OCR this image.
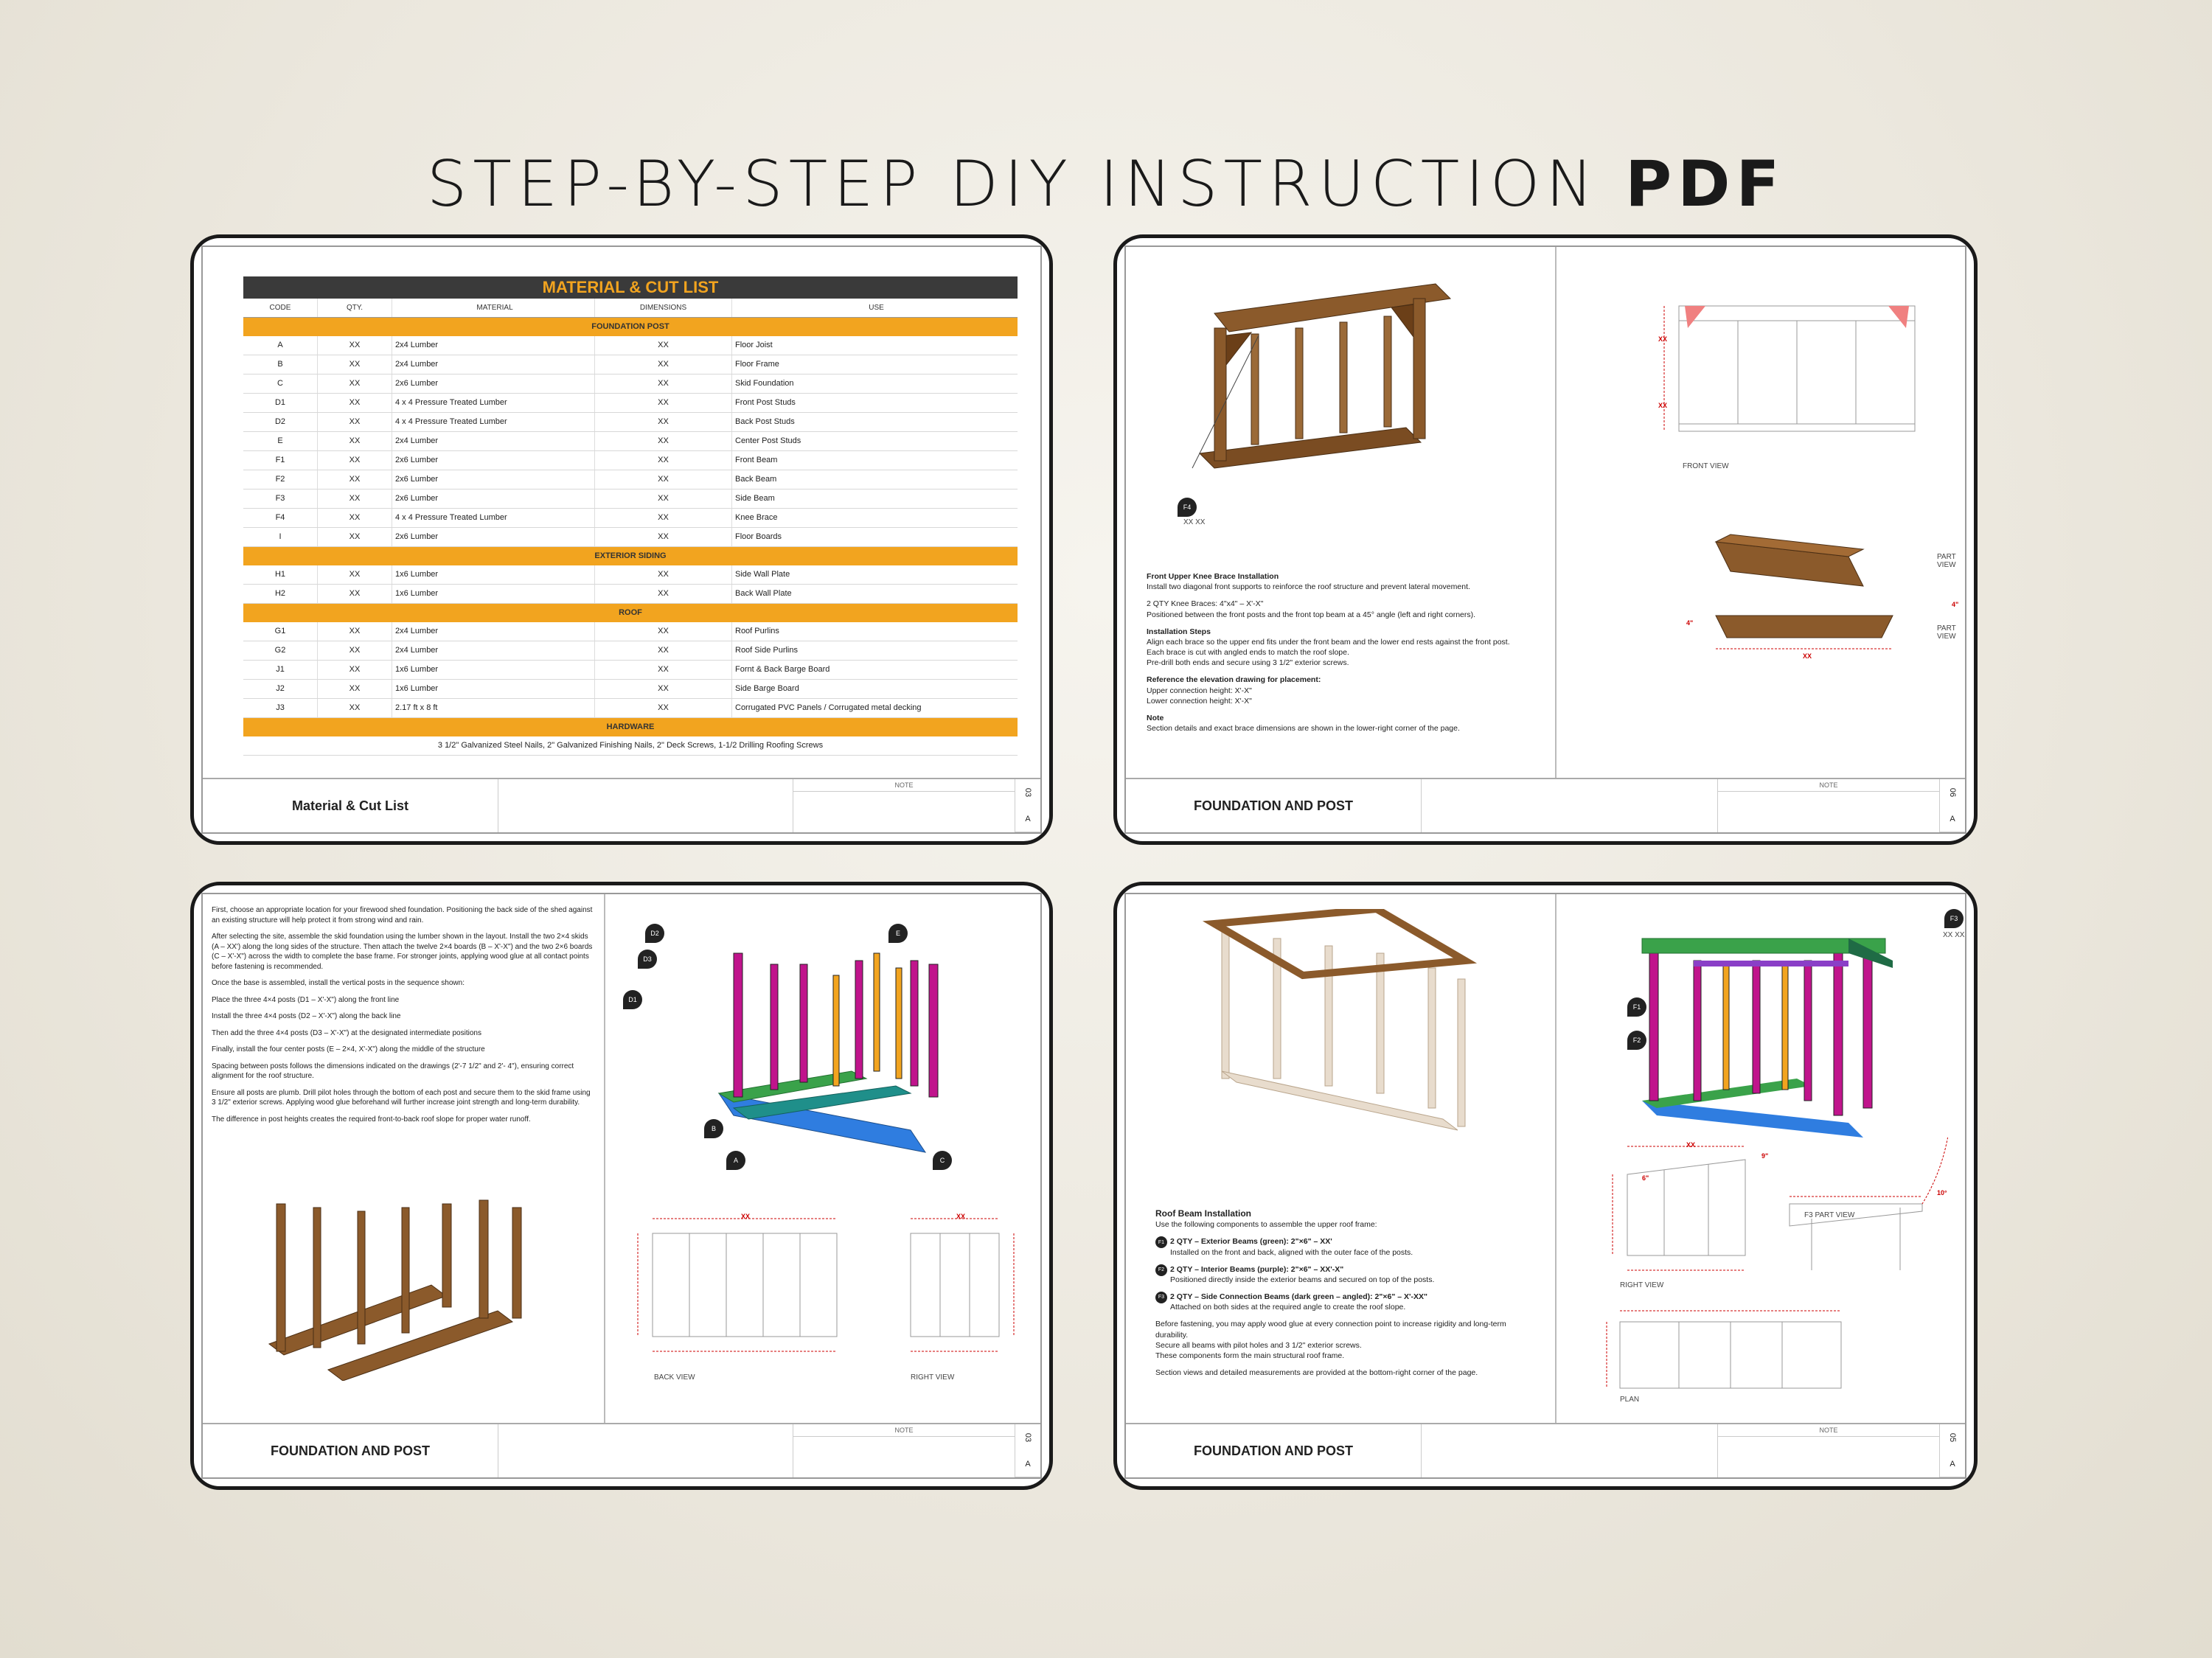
STEP-BY-STEP DIY INSTRUCTION PDF
MATERIAL & CUT LIST
CODE	QTY.	MATERIAL	DIMENSIONS	USE
FOUNDATION POST
A	XX	2x4 Lumber	XX	Floor Joist
B	XX	2x4 Lumber	XX	Floor Frame
C	XX	2x6 Lumber	XX	Skid Foundation
D1	XX	4 x 4 Pressure Treated Lumber	XX	Front Post Studs
D2	XX	4 x 4 Pressure Treated Lumber	XX	Back Post Studs
E	XX	2x4 Lumber	XX	Center Post Studs
F1	XX	2x6 Lumber	XX	Front Beam
F2	XX	2x6 Lumber	XX	Back Beam
F3	XX	2x6 Lumber	XX	Side Beam
F4	XX	4 x 4 Pressure Treated Lumber	XX	Knee Brace
I	XX	2x6 Lumber	XX	Floor Boards
EXTERIOR SIDING
H1	XX	1x6 Lumber	XX	Side Wall Plate
H2	XX	1x6 Lumber	XX	Back Wall Plate
ROOF
G1	XX	2x4 Lumber	XX	Roof Purlins
G2	XX	2x4 Lumber	XX	Roof Side Purlins
J1	XX	1x6 Lumber	XX	Fornt & Back Barge Board
J2	XX	1x6 Lumber	XX	Side Barge Board
J3	XX	2.17 ft x 8 ft	XX	Corrugated PVC Panels / Corrugated metal decking
HARDWARE
3 1/2" Galvanized Steel Nails, 2" Galvanized Finishing Nails, 2" Deck Screws, 1-1/2 Drilling Roofing Screws
Material & Cut List
NOTE
03
A
F4
XX XX

Front Upper Knee Brace Installation
Install two diagonal front supports to reinforce the roof structure and prevent lateral movement.

2 QTY Knee Braces: 4"x4" – X'-X"
Positioned between the front posts and the front top beam at a 45° angle (left and right corners).

Installation Steps
Align each brace so the upper end fits under the front beam and the lower end rests against the front post.
Each brace is cut with angled ends to match the roof slope.
Pre-drill both ends and secure using 3 1/2" exterior screws.

Reference the elevation drawing for placement:
Upper connection height: X'-X"
Lower connection height: X'-X"

Note
Section details and exact brace dimensions are shown in the lower-right corner of the page.

XX
XX
FRONT VIEW
PART VIEW
4"
4"
PART VIEW
XX
FOUNDATION AND POST
NOTE
06
A

First, choose an appropriate location for your firewood shed foundation. Positioning the back side of the shed against an existing structure will help protect it from strong wind and rain.

After selecting the site, assemble the skid foundation using the lumber shown in the layout. Install the two 2×4 skids (A – XX') along the long sides of the structure. Then attach the twelve 2×4 boards (B – X'-X") and the two 2×6 boards (C – X'-X") across the width to complete the base frame. For stronger joints, applying wood glue at all contact points before fastening is recommended.

Once the base is assembled, install the vertical posts in the sequence shown:

Place the three 4×4 posts (D1 – X'-X") along the front line

Install the three 4×4 posts (D2 – X'-X") along the back line

Then add the three 4×4 posts (D3 – X'-X") at the designated intermediate positions

Finally, install the four center posts (E – 2×4, X'-X") along the middle of the structure

Spacing between posts follows the dimensions indicated on the drawings (2'-7 1/2" and 2'- 4"), ensuring correct alignment for the roof structure.

Ensure all posts are plumb. Drill pilot holes through the bottom of each post and secure them to the skid frame using 3 1/2" exterior screws. Applying wood glue beforehand will further increase joint strength and long-term durability.

The difference in post heights creates the required front-to-back roof slope for proper water runoff.

D2
D3
D1
E
B
A	C
BACK VIEW	RIGHT VIEW
XX	XX
FOUNDATION AND POST
NOTE
03
A

Roof Beam Installation
Use the following components to assemble the upper roof frame:

F1 2 QTY – Exterior Beams (green): 2"×6" – XX'
Installed on the front and back, aligned with the outer face of the posts.

F2 2 QTY – Interior Beams (purple): 2"×6" – XX'-X"
Positioned directly inside the exterior beams and secured on top of the posts.

F3 2 QTY – Side Connection Beams (dark green – angled): 2"×6" – X'-XX"
Attached on both sides at the required angle to create the roof slope.

Before fastening, you may apply wood glue at every connection point to increase rigidity and long-term durability.
Secure all beams with pilot holes and 3 1/2" exterior screws.
These components form the main structural roof frame.

Section views and detailed measurements are provided at the bottom-right corner of the page.

F3
F1
F2
XX XX
RIGHT VIEW
F3 PART VIEW
PLAN
6"
9"
10°
XX
FOUNDATION AND POST
NOTE
05
A
